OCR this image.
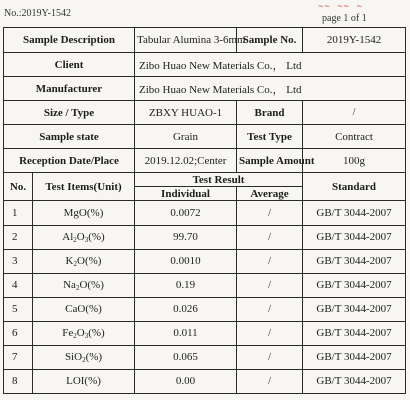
No.:2019Y-1542
~~ ~~ ~
page 1 of 1
Sample Description		Tabular Alumina 3-6mm	Sample No.	2019Y-1542
Client		Zibo Huao New Materials Co.， Ltd		
Manufacturer		Zibo Huao New Materials Co.， Ltd		
Size / Type		ZBXY HUAO-1	Brand	/
Sample state		Grain	Test Type	Contract
Reception Date/Place		2019.12.02;Center	Sample Amount	100g
No.	Test Items(Unit)	Test Result		Standard
		Individual	Average	
1	MgO(%)	0.0072	/	GB/T 3044-2007
2	$Al_2O_3(\%)$	99.70	/	GB/T 3044-2007
3	$K_2O(\%)$	0.0010	/	GB/T 3044-2007
4	$Na_2O(\%)$	0.19	/	GB/T 3044-2007
5	CaO(%)	0.026	/	GB/T 3044-2007
6	$Fe_2O_3(\%)$	0.011	/	GB/T 3044-2007
7	SiO$_2$(%)	0.065	/	GB/T 3044-2007
8	LOI(%)	0.00	/	GB/T 3044-2007
